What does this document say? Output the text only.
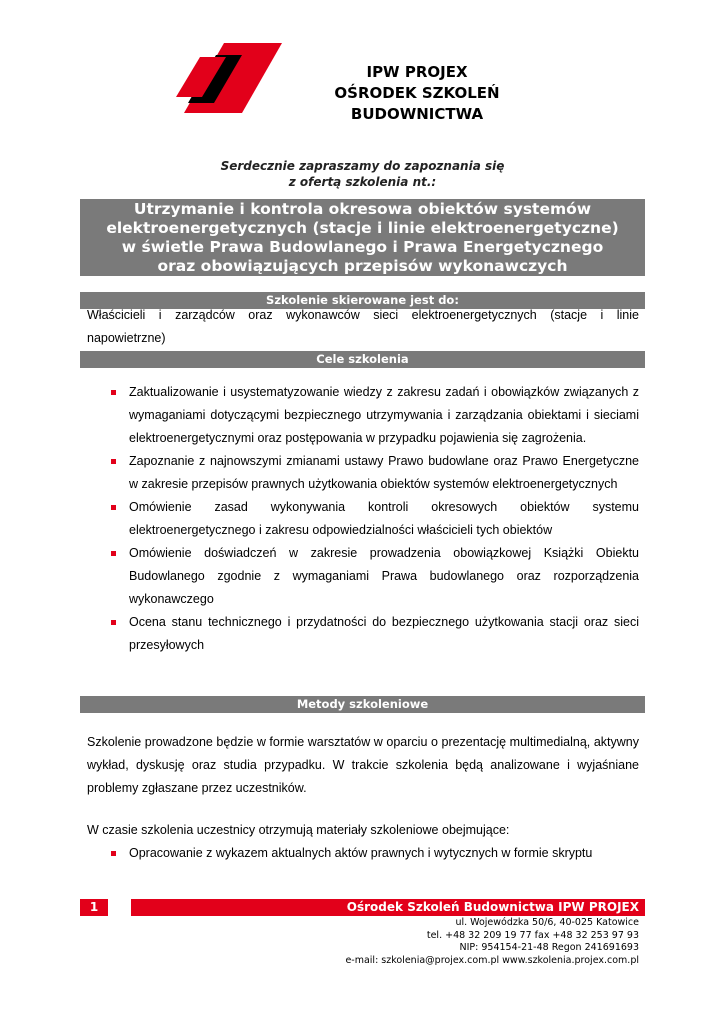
IPW PROJEX
OŚRODEK SZKOLEŃ BUDOWNICTWA
Serdecznie zapraszamy do zapoznania się
z ofertą szkolenia nt.:
Utrzymanie i kontrola okresowa obiektów systemów
elektroenergetycznych (stacje i linie elektroenergetyczne)
w świetle Prawa Budowlanego i Prawa Energetycznego
oraz obowiązujących przepisów wykonawczych
Szkolenie skierowane jest do:
Właścicieli i zarządców oraz wykonawców sieci elektroenergetycznych (stacje i linie
napowietrzne)
Cele szkolenia
Zaktualizowanie i usystematyzowanie wiedzy z zakresu zadań i obowiązków związanych z wymaganiami dotyczącymi bezpiecznego utrzymywania i zarządzania obiektami i sieciami elektroenergetycznymi oraz postępowania w przypadku pojawienia się zagrożenia.
Zapoznanie z najnowszymi zmianami ustawy Prawo budowlane oraz Prawo Energetyczne w zakresie przepisów prawnych użytkowania obiektów systemów elektroenergetycznych
Omówienie zasad wykonywania kontroli okresowych obiektów systemu elektroenergetycznego i zakresu odpowiedzialności właścicieli tych obiektów
Omówienie doświadczeń w zakresie prowadzenia obowiązkowej Książki Obiektu Budowlanego zgodnie z wymaganiami Prawa budowlanego oraz rozporządzenia wykonawczego
Ocena stanu technicznego i przydatności do bezpiecznego użytkowania stacji oraz sieci przesyłowych
Metody szkoleniowe
Szkolenie prowadzone będzie w formie warsztatów w oparciu o prezentację multimedialną, aktywny wykład, dyskusję oraz studia przypadku. W trakcie szkolenia będą analizowane i wyjaśniane problemy zgłaszane przez uczestników.
W czasie szkolenia uczestnicy otrzymują materiały szkoleniowe obejmujące:
Opracowanie z wykazem aktualnych aktów prawnych i wytycznych w formie skryptu
1	Ośrodek Szkoleń Budownictwa IPW PROJEX
ul. Wojewódzka 50/6, 40-025 Katowice
tel. +48 32 209 19 77 fax +48 32 253 97 93
NIP: 954154-21-48 Regon 241691693
e-mail: szkolenia@projex.com.pl www.szkolenia.projex.com.pl
